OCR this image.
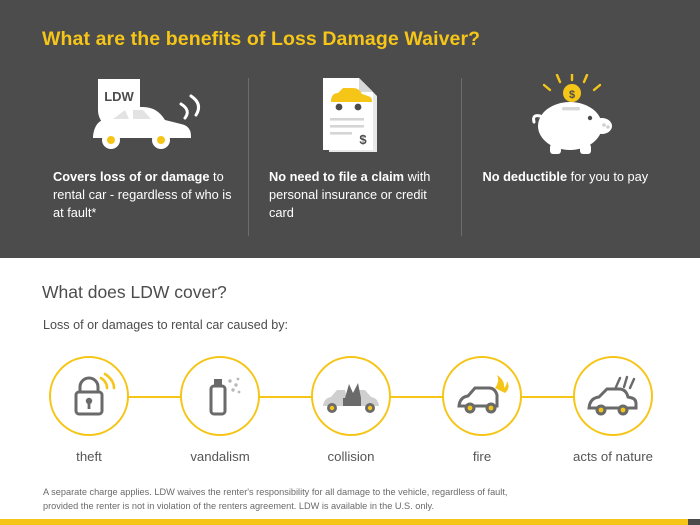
What are the benefits of Loss Damage Waiver?
LDW
Covers loss of or damage to rental car - regardless of who is at fault*
$
No need to file a claim with personal insurance or credit card
$
No deductible for you to pay
What does LDW cover?
Loss of or damages to rental car caused by:
theft	vandalism	collision	fire	acts of nature
A separate charge applies. LDW waives the renter's responsibility for all damage to the vehicle, regardless of fault,
provided the renter is not in violation of the renters agreement. LDW is available in the U.S. only.
